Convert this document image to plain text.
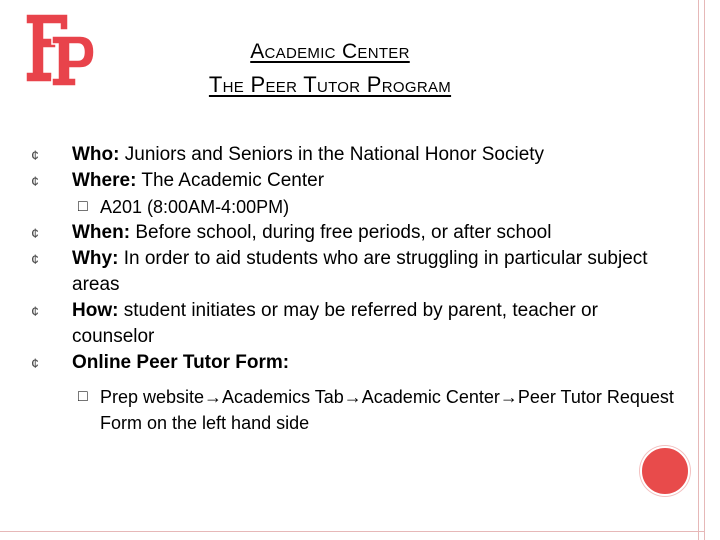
Academic Center
The Peer Tutor Program
¢	Who: Juniors and Seniors in the National Honor Society
¢	Where: The Academic Center
□ A201 (8:00AM-4:00PM)
¢	When: Before school, during free periods, or after school
¢	Why: In order to aid students who are struggling in particular subject areas
¢	How: student initiates or may be referred by parent, teacher or counselor
¢	Online Peer Tutor Form:
□ Prep website→Academics Tab→Academic Center→Peer Tutor Request Form on the left hand side
